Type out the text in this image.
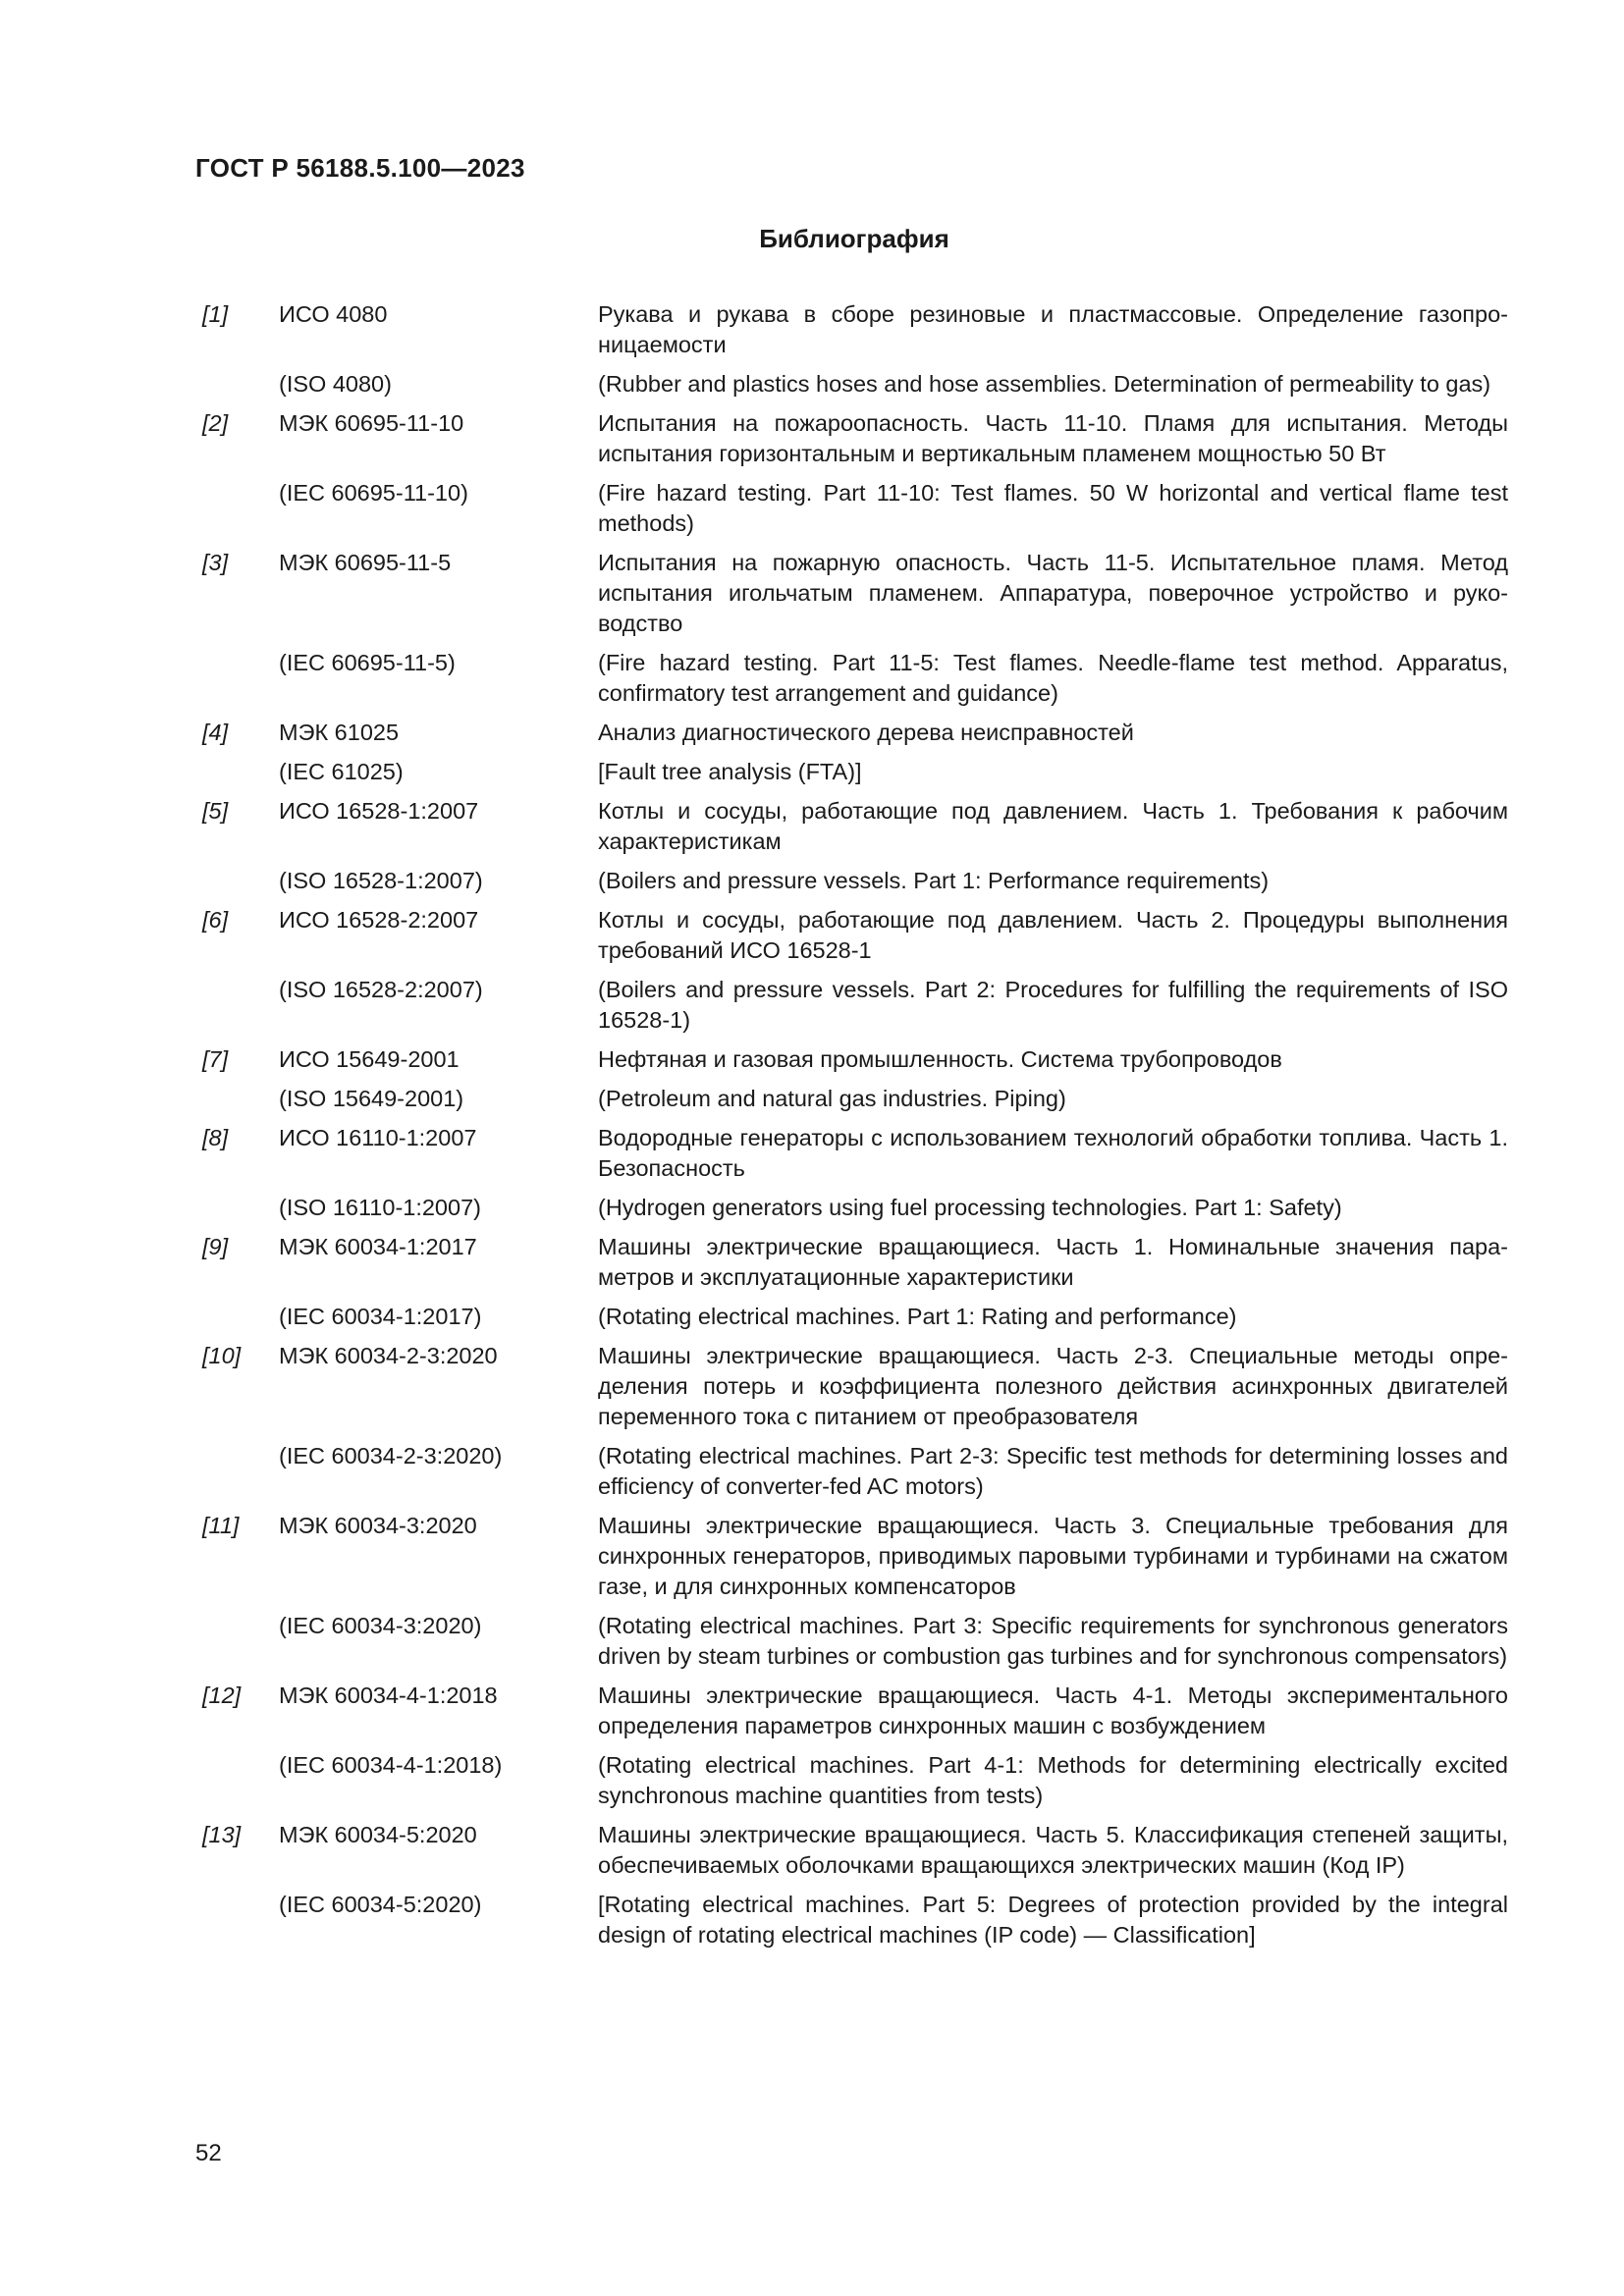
ГОСТ Р 56188.5.100—2023
Библиография
[1]	ИСО 4080	Рукава и рукава в сборе резиновые и пластмассовые. Определение газопроницаемости
(ISO 4080)	(Rubber and plastics hoses and hose assemblies. Determination of permeability to gas)
[2]	МЭК 60695-11-10	Испытания на пожароопасность. Часть 11-10. Пламя для испытания. Методы испытания горизонтальным и вертикальным пламенем мощностью 50 Вт
(IEC 60695-11-10)	(Fire hazard testing. Part 11-10: Test flames. 50 W horizontal and vertical flame test methods)
[3]	МЭК 60695-11-5	Испытания на пожарную опасность. Часть 11-5. Испытательное пламя. Метод испытания игольчатым пламенем. Аппаратура, поверочное устройство и руководство
(IEC 60695-11-5)	(Fire hazard testing. Part 11-5: Test flames. Needle-flame test method. Apparatus, confirmatory test arrangement and guidance)
[4]	МЭК 61025	Анализ диагностического дерева неисправностей
(IEC 61025)	[Fault tree analysis (FTA)]
[5]	ИСО 16528-1:2007	Котлы и сосуды, работающие под давлением. Часть 1. Требования к рабочим характеристикам
(ISO 16528-1:2007)	(Boilers and pressure vessels. Part 1: Performance requirements)
[6]	ИСО 16528-2:2007	Котлы и сосуды, работающие под давлением. Часть 2. Процедуры выполнения требований ИСО 16528-1
(ISO 16528-2:2007)	(Boilers and pressure vessels. Part 2: Procedures for fulfilling the requirements of ISO 16528-1)
[7]	ИСО 15649-2001	Нефтяная и газовая промышленность. Система трубопроводов
(ISO 15649-2001)	(Petroleum and natural gas industries. Piping)
[8]	ИСО 16110-1:2007	Водородные генераторы с использованием технологий обработки топлива. Часть 1. Безопасность
(ISO 16110-1:2007)	(Hydrogen generators using fuel processing technologies. Part 1: Safety)
[9]	МЭК 60034-1:2017	Машины электрические вращающиеся. Часть 1. Номинальные значения параметров и эксплуатационные характеристики
(IEC 60034-1:2017)	(Rotating electrical machines. Part 1: Rating and performance)
[10]	МЭК 60034-2-3:2020	Машины электрические вращающиеся. Часть 2-3. Специальные методы определения потерь и коэффициента полезного действия асинхронных двигателей переменного тока с питанием от преобразователя
(IEC 60034-2-3:2020)	(Rotating electrical machines. Part 2-3: Specific test methods for determining losses and efficiency of converter-fed AC motors)
[11]	МЭК 60034-3:2020	Машины электрические вращающиеся. Часть 3. Специальные требования для синхронных генераторов, приводимых паровыми турбинами и турбинами на сжатом газе, и для синхронных компенсаторов
(IEC 60034-3:2020)	(Rotating electrical machines. Part 3: Specific requirements for synchronous generators driven by steam turbines or combustion gas turbines and for synchronous compensators)
[12]	МЭК 60034-4-1:2018	Машины электрические вращающиеся. Часть 4-1. Методы экспериментального определения параметров синхронных машин с возбуждением
(IEC 60034-4-1:2018)	(Rotating electrical machines. Part 4-1: Methods for determining electrically excited synchronous machine quantities from tests)
[13]	МЭК 60034-5:2020	Машины электрические вращающиеся. Часть 5. Классификация степеней защиты, обеспечиваемых оболочками вращающихся электрических машин (Код IP)
(IEC 60034-5:2020)	[Rotating electrical machines. Part 5: Degrees of protection provided by the integral design of rotating electrical machines (IP code) — Classification]
52
